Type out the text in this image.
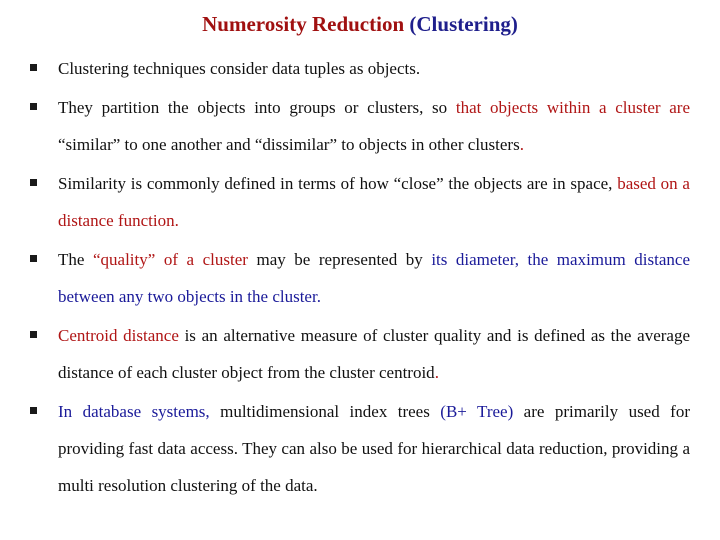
Numerosity Reduction (Clustering)
Clustering techniques consider data tuples as objects.
They partition the objects into groups or clusters, so that objects within a cluster are “similar” to one another and “dissimilar” to objects in other clusters.
Similarity is commonly defined in terms of how “close” the objects are in space, based on a distance function.
The “quality” of a cluster may be represented by its diameter, the maximum distance between any two objects in the cluster.
Centroid distance is an alternative measure of cluster quality and is defined as the average distance of each cluster object from the cluster centroid.
In database systems, multidimensional index trees (B+ Tree) are primarily used for providing fast data access. They can also be used for hierarchical data reduction, providing a multi resolution clustering of the data.
